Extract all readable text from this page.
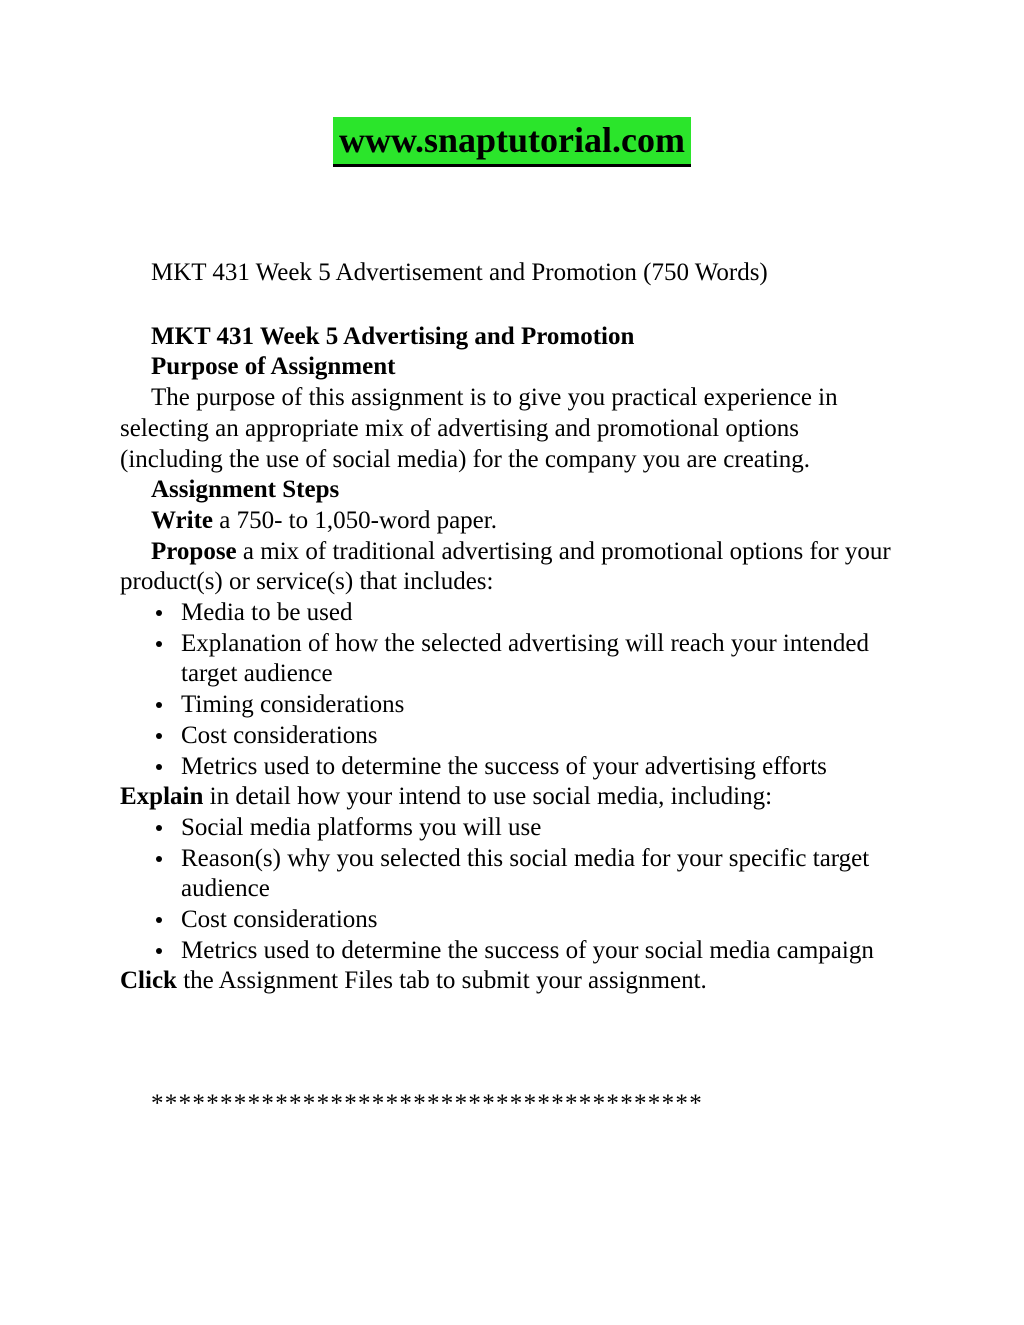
www.snaptutorial.com

MKT 431 Week 5 Advertisement and Promotion (750 Words)

MKT 431 Week 5 Advertising and Promotion

Purpose of Assignment

The purpose of this assignment is to give you practical experience in selecting an appropriate mix of advertising and promotional options (including the use of social media) for the company you are creating.

Assignment Steps

Write a 750- to 1,050-word paper.

Propose a mix of traditional advertising and promotional options for your product(s) or service(s) that includes:

Media to be used
Explanation of how the selected advertising will reach your intended target audience
Timing considerations
Cost considerations
Metrics used to determine the success of your advertising efforts

Explain in detail how your intend to use social media, including:

Social media platforms you will use
Reason(s) why you selected this social media for your specific target audience
Cost considerations
Metrics used to determine the success of your social media campaign

Click the Assignment Files tab to submit your assignment.

****************************************
